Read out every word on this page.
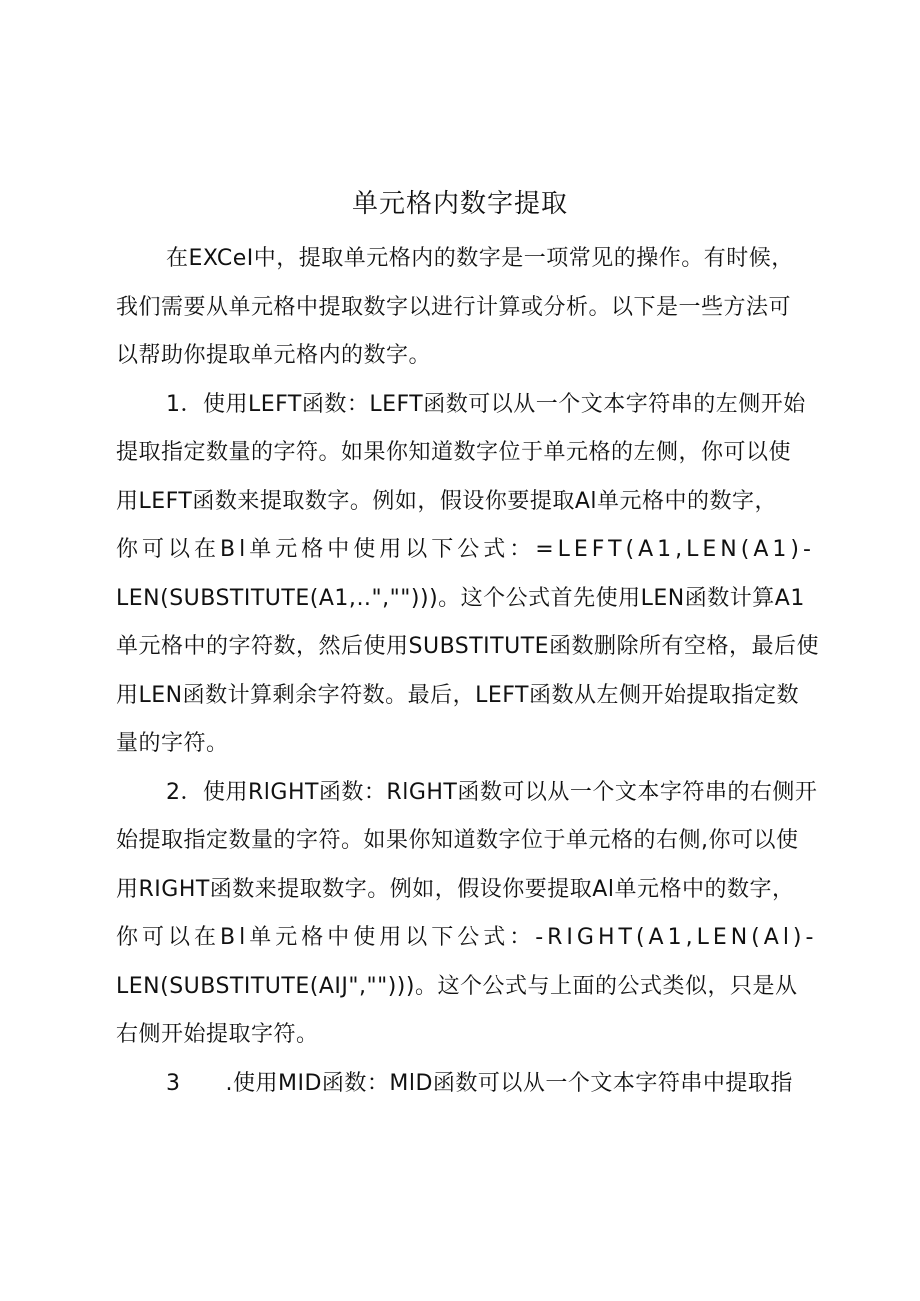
单元格内数字提取
在EXCeI中，提取单元格内的数字是一项常见的操作。有时候，
我们需要从单元格中提取数字以进行计算或分析。以下是一些方法可
以帮助你提取单元格内的数字。
1．使用LEFT函数：LEFT函数可以从一个文本字符串的左侧开始
提取指定数量的字符。如果你知道数字位于单元格的左侧，你可以使
用LEFT函数来提取数字。例如，假设你要提取Al单元格中的数字，
你可以在Bl单元格中使用以下公式：=LEFT(A1,LEN(A1)-
LEN(SUBSTITUTE(A1,‥","")))。这个公式首先使用LEN函数计算A1
单元格中的字符数，然后使用SUBSTITUTE函数删除所有空格，最后使
用LEN函数计算剩余字符数。最后，LEFT函数从左侧开始提取指定数
量的字符。
2．使用RlGHT函数：RlGHT函数可以从一个文本字符串的右侧开
始提取指定数量的字符。如果你知道数字位于单元格的右侧,你可以使
用RIGHT函数来提取数字。例如，假设你要提取Al单元格中的数字，
你可以在Bl单元格中使用以下公式：-RIGHT(A1,LEN(Al)-
LEN(SUBSTITUTE(AIJ","")))。这个公式与上面的公式类似，只是从
右侧开始提取字符。
3　　.使用MID函数：MlD函数可以从一个文本字符串中提取指
